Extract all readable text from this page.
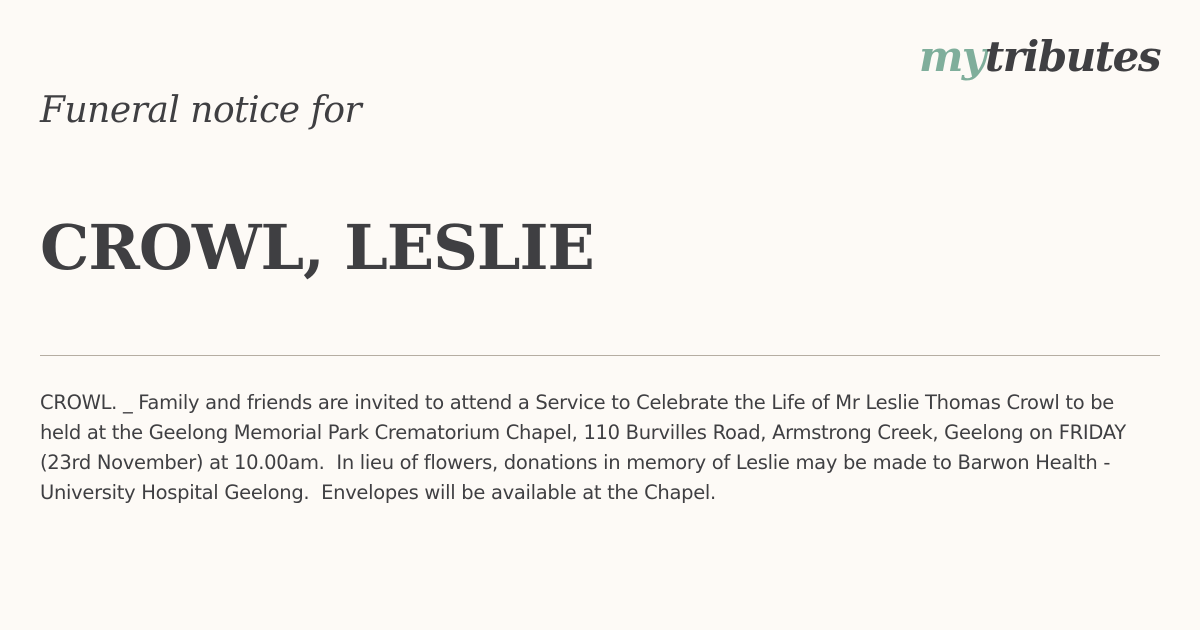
mytributes
Funeral notice for
CROWL, LESLIE

CROWL. _ Family and friends are invited to attend a Service to Celebrate the Life of Mr Leslie Thomas Crowl to be held at the Geelong Memorial Park Crematorium Chapel, 110 Burvilles Road, Armstrong Creek, Geelong on FRIDAY (23rd November) at 10.00am.  In lieu of flowers, donations in memory of Leslie may be made to Barwon Health - University Hospital Geelong.  Envelopes will be available at the Chapel.
